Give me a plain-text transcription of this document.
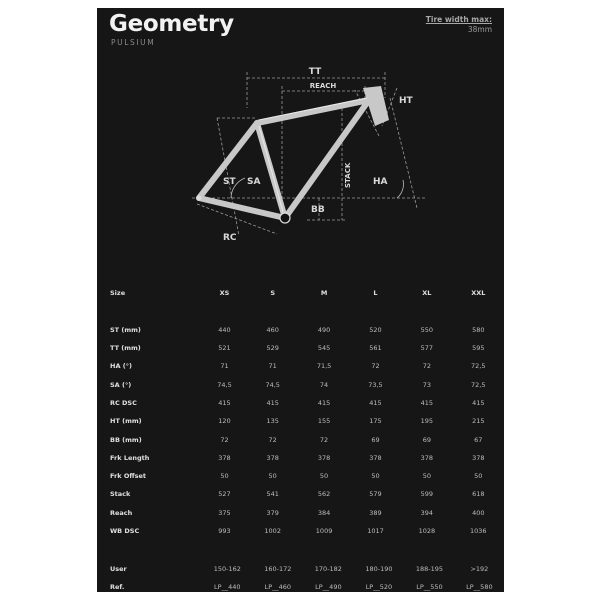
Geometry
PULSIUM
Tire width max:
38mm
TT
REACH
HT
ST SA	STACK HA
BB
RC
Size	XS	S	M	L	XL	XXL

ST (mm)	440	460	490	520	550	580
TT (mm)	521	529	545	561	577	595
HA (°)	71	71	71,5	72	72	72,5
SA (°)	74,5	74,5	74	73,5	73	72,5
RC DSC	415	415	415	415	415	415
HT (mm)	120	135	155	175	195	215
BB (mm)	72	72	72	69	69	67
Frk Length	378	378	378	378	378	378
Frk Offset	50	50	50	50	50	50
Stack	527	541	562	579	599	618
Reach	375	379	384	389	394	400
WB DSC	993	1002	1009	1017	1028	1036
User	150-162	160-172	170-182	180-190	188-195	>192
Ref.	LP__440	LP__460	LP__490	LP__520	LP__550	LP__580
